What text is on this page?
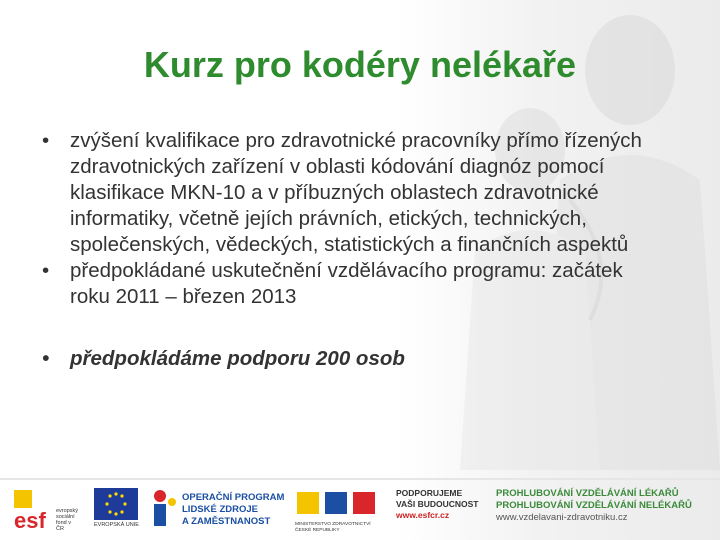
Kurz pro kodéry nelékaře
• zvýšení kvalifikace pro zdravotnické pracovníky přímo řízených zdravotnických zařízení v oblasti kódování diagnóz pomocí klasifikace MKN-10 a v příbuzných oblastech zdravotnické informatiky, včetně jejích právních, etických, technických, společenských, vědeckých, statistických a finančních aspektů
• předpokládané uskutečnění vzdělávacího programu: začátek roku 2011 – březen 2013
• předpokládáme podporu 200 osob
esf evropský
sociální
fond v ČR
EVROPSKÁ UNIE
OPERAČNÍ PROGRAM
LIDSKÉ ZDROJE
A ZAMĚSTNANOST	MINISTERSTVO ZDRAVOTNICTVÍ
ČESKÉ REPUBLIKY
PODPORUJEME
VAŠI BUDOUCNOST
www.esfcr.cz
PROHLUBOVÁNÍ VZDĚLÁVÁNÍ LÉKAŘŮ
PROHLUBOVÁNÍ VZDĚLÁVÁNÍ NELÉKAŘŮ
www.vzdelavani-zdravotniku.cz
